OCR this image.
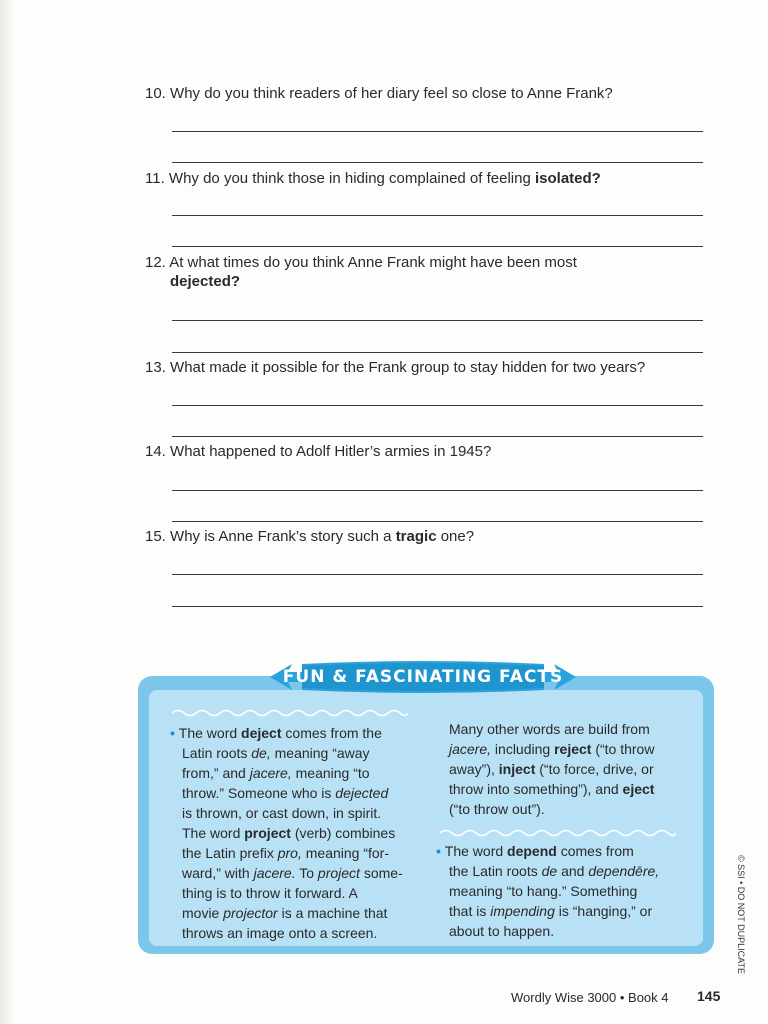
10. Why do you think readers of her diary feel so close to Anne Frank?
11. Why do you think those in hiding complained of feeling isolated?
12. At what times do you think Anne Frank might have been most
dejected?
13. What made it possible for the Frank group to stay hidden for two years?
14. What happened to Adolf Hitler’s armies in 1945?
15. Why is Anne Frank’s story such a tragic one?
FUN & FASCINATING FACTS
• The word deject comes from the
Latin roots de, meaning “away
from,” and jacere, meaning “to
throw.” Someone who is dejected
is thrown, or cast down, in spirit.
The word project (verb) combines
the Latin prefix pro, meaning “for-
ward,” with jacere. To project some-
thing is to throw it forward. A
movie projector is a machine that
throws an image onto a screen.
Many other words are build from
jacere, including reject (“to throw
away”), inject (“to force, drive, or
throw into something”), and eject
(“to throw out”).
• The word depend comes from
the Latin roots de and dependēre,
meaning “to hang.” Something
that is impending is “hanging,” or
about to happen.	© SSI • DO NOT DUPLICATE
Wordly Wise 3000 • Book 4 145
